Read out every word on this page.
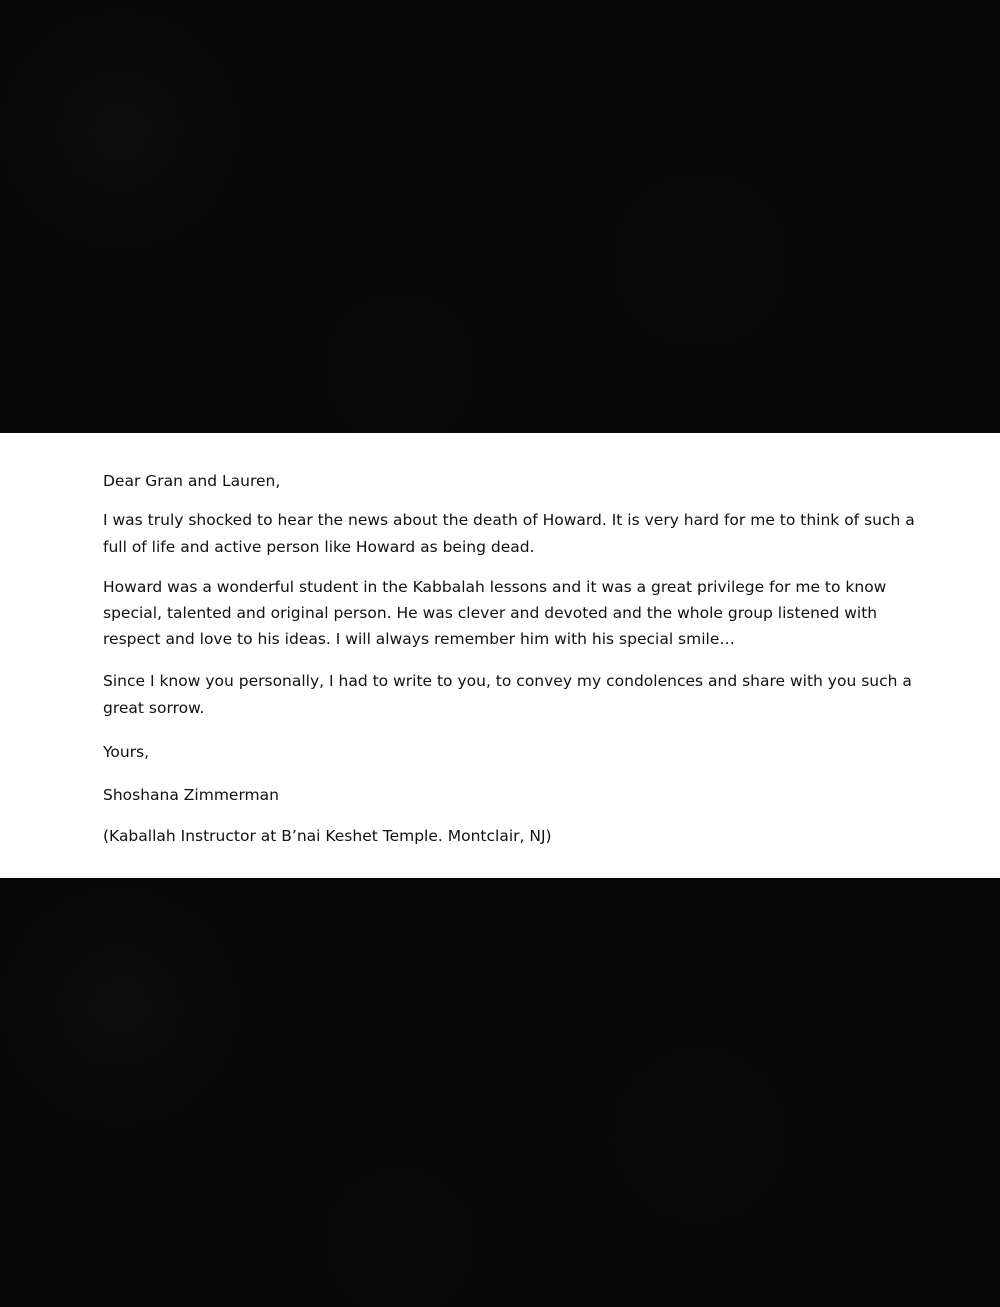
Dear Gran and Lauren,
I was truly shocked to hear the news about the death of Howard. It is very hard for me to think of such a
full of life and active person like Howard as being dead.
Howard was a wonderful student in the Kabbalah lessons and it was a great privilege for me to know
special, talented and original person. He was clever and devoted and the whole group listened with
respect and love to his ideas. I will always remember him with his special smile…
Since I know you personally, I had to write to you, to convey my condolences and share with you such a
great sorrow.
Yours,
Shoshana Zimmerman
(Kaballah Instructor at B’nai Keshet Temple. Montclair, NJ)
